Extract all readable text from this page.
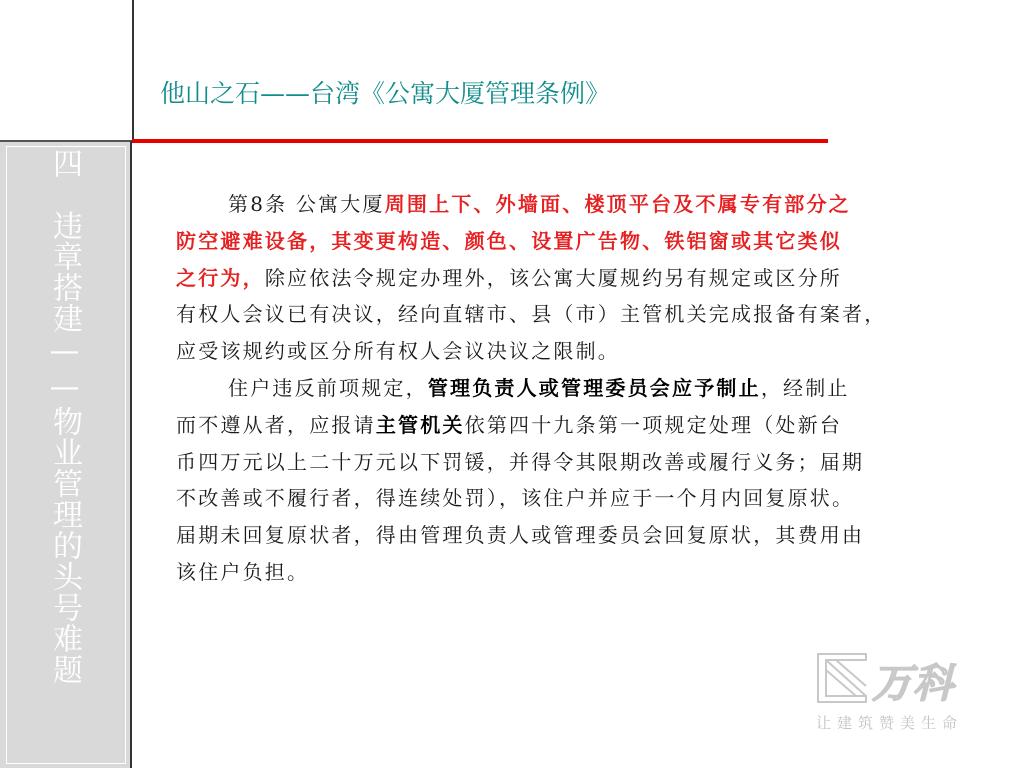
四　违章搭建——物业管理的头号难题
他山之石——台湾《公寓大厦管理条例》
第8条 公寓大厦周围上下、外墙面、楼顶平台及不属专有部分之
防空避难设备，其变更构造、颜色、设置广告物、铁铝窗或其它类似
之行为，除应依法令规定办理外，该公寓大厦规约另有规定或区分所
有权人会议已有决议，经向直辖市、县（市）主管机关完成报备有案者，
应受该规约或区分所有权人会议决议之限制。
住户违反前项规定，管理负责人或管理委员会应予制止，经制止
而不遵从者，应报请主管机关依第四十九条第一项规定处理（处新台
币四万元以上二十万元以下罚锾，并得令其限期改善或履行义务；届期
不改善或不履行者，得连续处罚），该住户并应于一个月内回复原状。
届期未回复原状者，得由管理负责人或管理委员会回复原状，其费用由
该住户负担。
万科
让建筑赞美生命
